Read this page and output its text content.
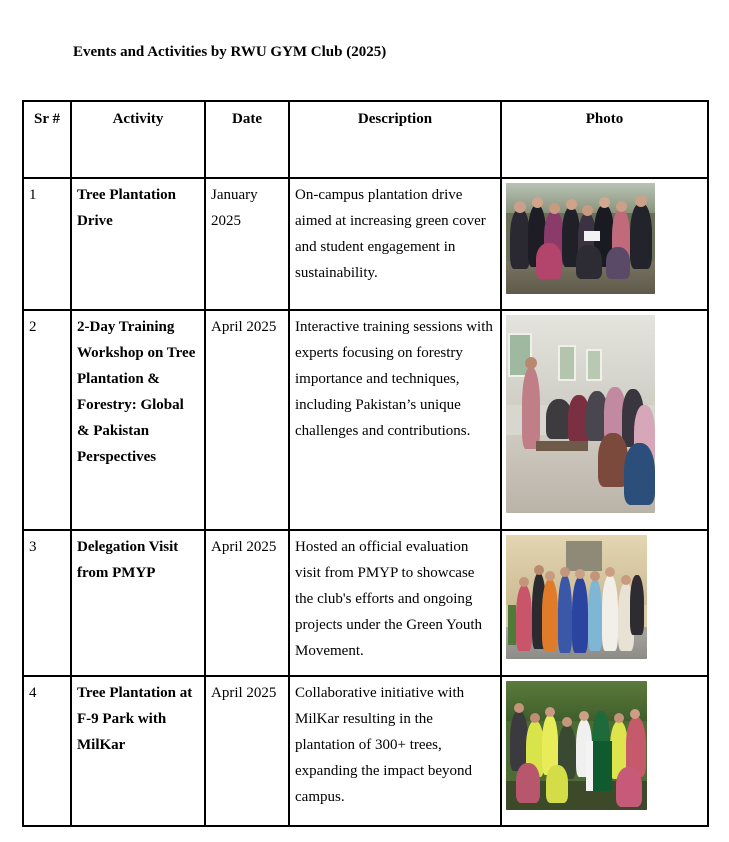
Events and Activities by RWU GYM Club (2025)

Sr #	Activity	Date	Description	Photo

1	Tree Plantation Drive	January 2025	On-campus plantation drive aimed at increasing green cover and student engagement in sustainability.	

2	2-Day Training Workshop on Tree Plantation & Forestry: Global & Pakistan Perspectives	April 2025	Interactive training sessions with experts focusing on forestry importance and techniques, including Pakistan’s unique challenges and contributions.	

3	Delegation Visit from PMYP	April 2025	Hosted an official evaluation visit from PMYP to showcase the club's efforts and ongoing projects under the Green Youth Movement.	

4	Tree Plantation at F-9 Park with MilKar	April 2025	Collaborative initiative with MilKar resulting in the plantation of 300+ trees, expanding the impact beyond campus.	
